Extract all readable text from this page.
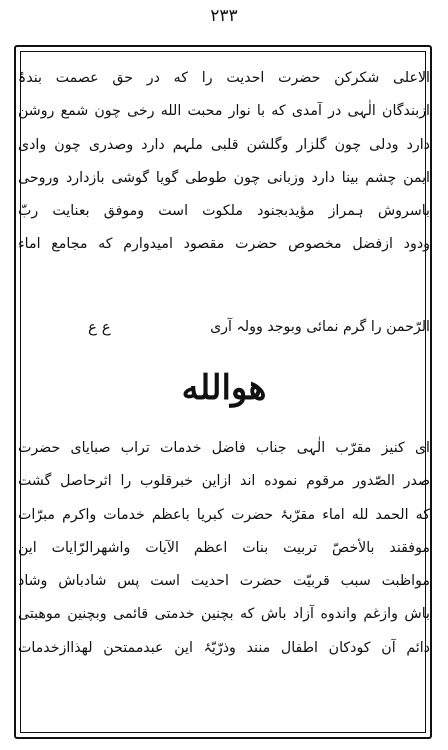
۲۳۳
الاعلی شکرکن حضرت احدیت را که در حق عصمت بندۂ
ازبندگان الٰہی در آمدی که با نوار محبت الله رخی چون شمع روشن
دارد ودلی چون گلزار وگلشن قلبی ملہم دارد وصدری چون وادی
ایمن چشم بینا دارد وزبانی چون طوطی گویا گوشی بازدارد وروحی
باسروش ہمراز مؤیدبجنود ملکوت است وموفق بعنایت ربّ
ودود ازفضل مخصوص حضرت مقصود امیدوارم که مجامع اماء
الرّحمن را گرم نمائی وبوجد وولہ آری
ع ع
ھوالله
ای کنیز مقرّب الٰہی جناب فاضل خدمات تراب صبایای حضرت
صدر الصّدور مرقوم نموده اند ازاین خبرقلوب را اثرحاصل گشت
که الحمد لله اماء مقرّبۂ حضرت کبریا باعظم خدمات واکرم مبرّات
موفقند بالأخصّ تربیت بنات اعظم الآیات واشهرالرّایات این
مواظبت سبب قربیّت حضرت احدیت است پس شادباش وشاد
باش وازغم واندوه آزاد باش که بچنین خدمتی قائمی وبچنین موهبتی
دائم آن کودکان اطفال منند وذرّیّۂ این عبدممتحن لهذاازخدمات
